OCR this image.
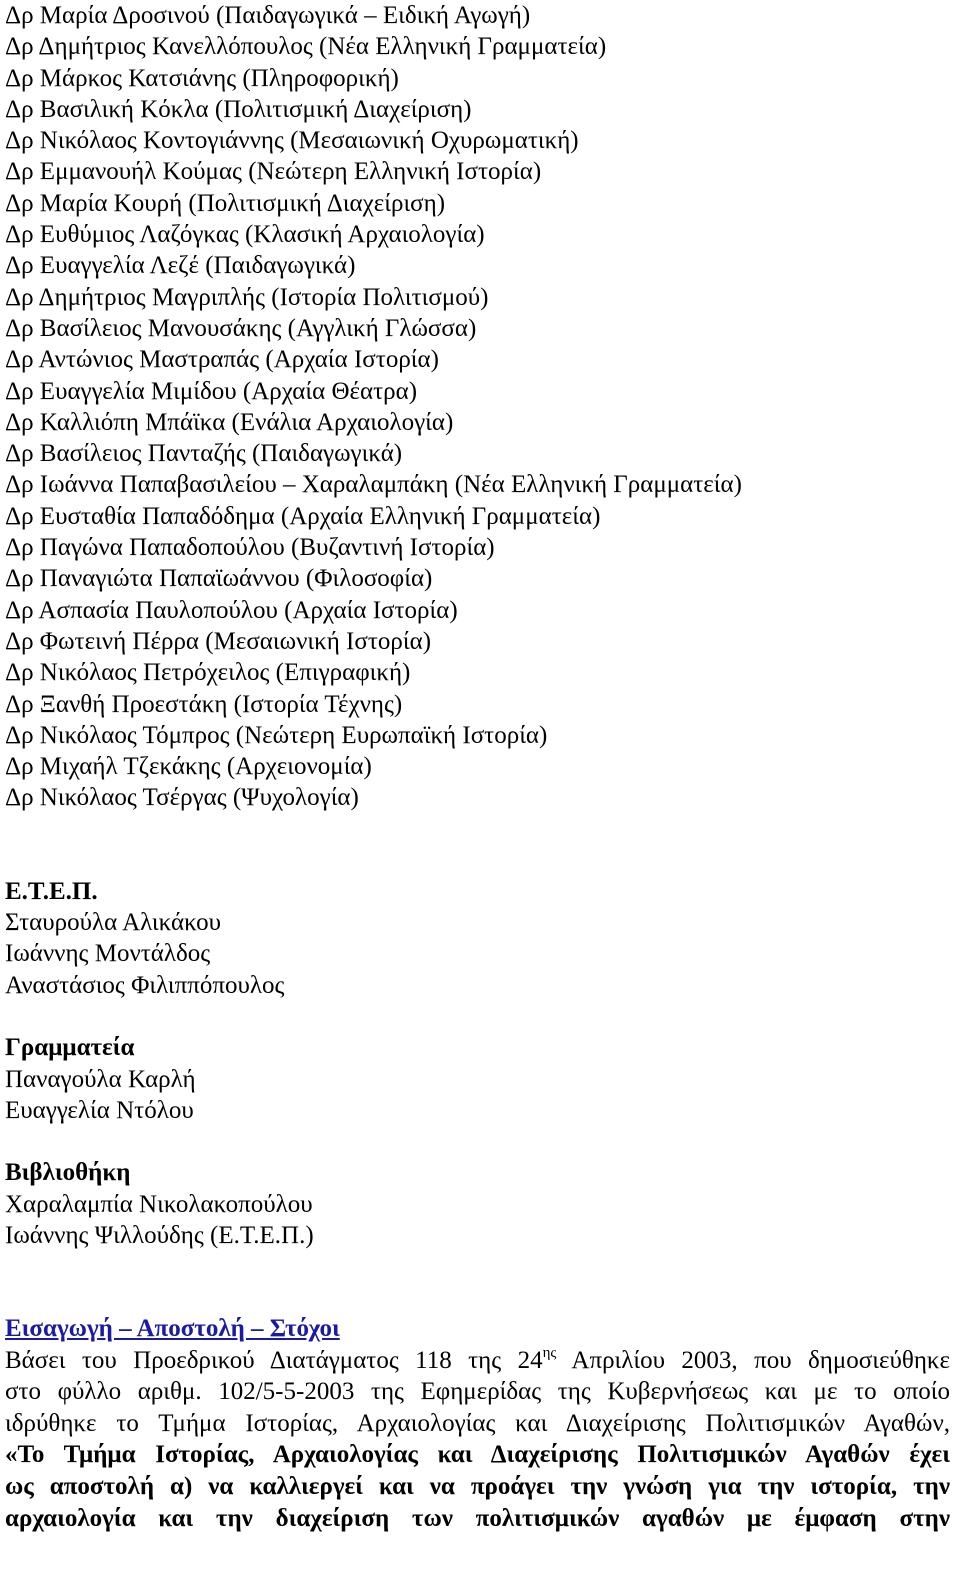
Δρ Μαρία Δροσινού (Παιδαγωγικά – Ειδική Αγωγή)
Δρ Δημήτριος Κανελλόπουλος (Νέα Ελληνική Γραμματεία)
Δρ Μάρκος Κατσιάνης (Πληροφορική)
Δρ Βασιλική Κόκλα (Πολιτισμική Διαχείριση)
Δρ Νικόλαος Κοντογιάννης (Μεσαιωνική Οχυρωματική)
Δρ Εμμανουήλ Κούμας (Νεώτερη Ελληνική Ιστορία)
Δρ Μαρία Κουρή (Πολιτισμική Διαχείριση)
Δρ Ευθύμιος Λαζόγκας (Κλασική Αρχαιολογία)
Δρ Ευαγγελία Λεζέ (Παιδαγωγικά)
Δρ Δημήτριος Μαγριπλής (Ιστορία Πολιτισμού)
Δρ Βασίλειος Μανουσάκης (Αγγλική Γλώσσα)
Δρ Αντώνιος Μαστραπάς (Αρχαία Ιστορία)
Δρ Ευαγγελία Μιμίδου (Αρχαία Θέατρα)
Δρ Καλλιόπη Μπάϊκα (Ενάλια Αρχαιολογία)
Δρ Βασίλειος Πανταζής (Παιδαγωγικά)
Δρ Ιωάννα Παπαβασιλείου – Χαραλαμπάκη (Νέα Ελληνική Γραμματεία)
Δρ Ευσταθία Παπαδόδημα (Αρχαία Ελληνική Γραμματεία)
Δρ Παγώνα Παπαδοπούλου (Βυζαντινή Ιστορία)
Δρ Παναγιώτα Παπαϊωάννου (Φιλοσοφία)
Δρ Ασπασία Παυλοπούλου (Αρχαία Ιστορία)
Δρ Φωτεινή Πέρρα (Μεσαιωνική Ιστορία)
Δρ Νικόλαος Πετρόχειλος (Επιγραφική)
Δρ Ξανθή Προεστάκη (Ιστορία Τέχνης)
Δρ Νικόλαος Τόμπρος (Νεώτερη Ευρωπαϊκή Ιστορία)
Δρ Μιχαήλ Τζεκάκης (Αρχειονομία)
Δρ Νικόλαος Τσέργας (Ψυχολογία)
Ε.Τ.Ε.Π.
Σταυρούλα Αλικάκου
Ιωάννης Μοντάλδος
Αναστάσιος Φιλιππόπουλος
Γραμματεία
Παναγούλα Καρλή
Ευαγγελία Ντόλου
Βιβλιοθήκη
Χαραλαμπία Νικολακοπούλου
Ιωάννης Ψιλλούδης (Ε.Τ.Ε.Π.)
Εισαγωγή – Αποστολή – Στόχοι
Βάσει του Προεδρικού Διατάγματος 118 της $24^{\eta\varsigma}$ Απριλίου 2003, που δημοσιεύθηκε
στο φύλλο αριθμ. 102/5-5-2003 της Εφημερίδας της Κυβερνήσεως και με το οποίο
ιδρύθηκε το Τμήμα Ιστορίας, Αρχαιολογίας και Διαχείρισης Πολιτισμικών Αγαθών,
«Το Τμήμα Ιστορίας, Αρχαιολογίας και Διαχείρισης Πολιτισμικών Αγαθών έχει
ως αποστολή α) να καλλιεργεί και να προάγει την γνώση για την ιστορία, την
αρχαιολογία και την διαχείριση των πολιτισμικών αγαθών με έμφαση στην
